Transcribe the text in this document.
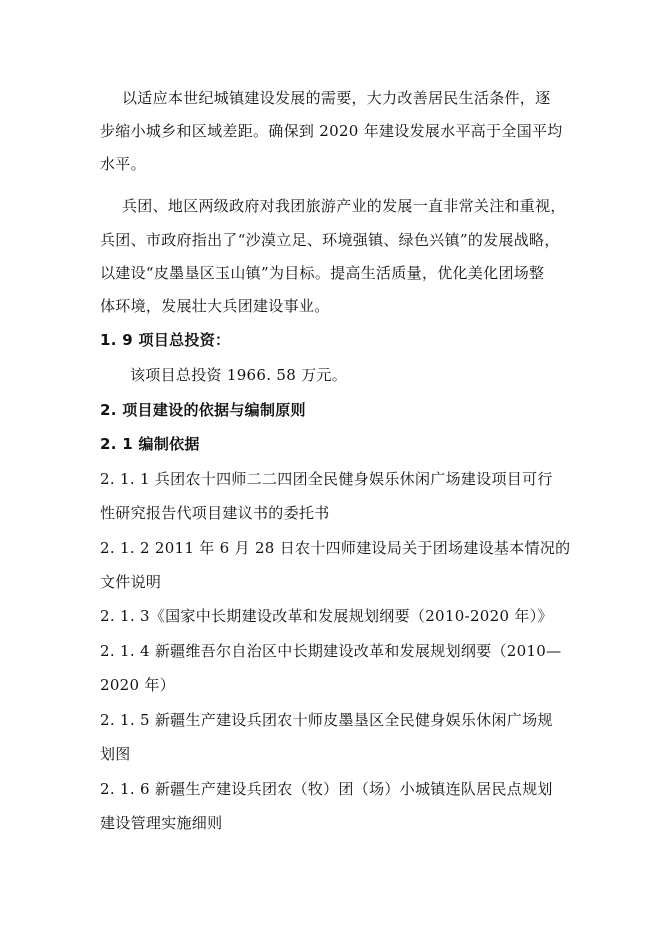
以适应本世纪城镇建设发展的需要，大力改善居民生活条件，逐
步缩小城乡和区域差距。确保到 2020 年建设发展水平高于全国平均
水平。
兵团、地区两级政府对我团旅游产业的发展一直非常关注和重视，
兵团、市政府指出了“沙漠立足、环境强镇、绿色兴镇”的发展战略，
以建设“皮墨垦区玉山镇”为目标。提高生活质量，优化美化团场整
体环境，发展壮大兵团建设事业。
1. 9 项目总投资：
该项目总投资 1966. 58 万元。
2. 项目建设的依据与编制原则
2. 1 编制依据
2. 1. 1 兵团农十四师二二四团全民健身娱乐休闲广场建设项目可行
性研究报告代项目建议书的委托书
2. 1. 2 2011 年 6 月 28 日农十四师建设局关于团场建设基本情况的
文件说明
2. 1. 3《国家中长期建设改革和发展规划纲要（2010-2020 年）》
2. 1. 4 新疆维吾尔自治区中长期建设改革和发展规划纲要（2010—
2020 年）
2. 1. 5 新疆生产建设兵团农十师皮墨垦区全民健身娱乐休闲广场规
划图
2. 1. 6 新疆生产建设兵团农（牧）团（场）小城镇连队居民点规划
建设管理实施细则
